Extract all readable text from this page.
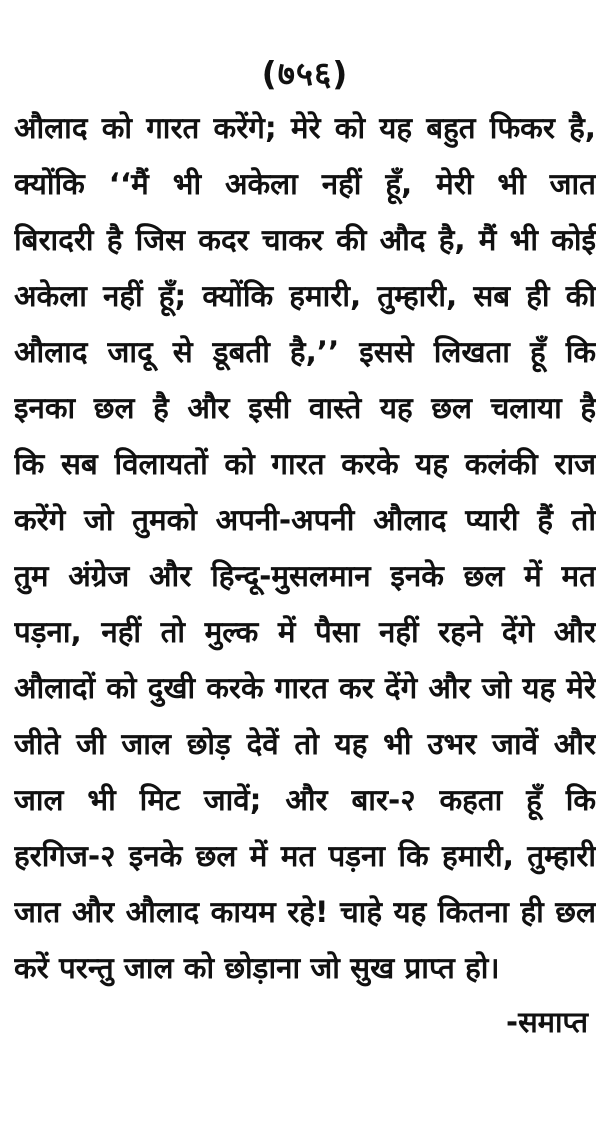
(७५६)
औलाद को गारत करेंगे; मेरे को यह बहुत फिकर है,
क्योंकि ‘‘मैं भी अकेला नहीं हूँ, मेरी भी जात
बिरादरी है जिस कदर चाकर की औद है, मैं भी कोई
अकेला नहीं हूँ; क्योंकि हमारी, तुम्हारी, सब ही की
औलाद जादू से डूबती है,’’ इससे लिखता हूँ कि
इनका छल है और इसी वास्ते यह छल चलाया है
कि सब विलायतों को गारत करके यह कलंकी राज
करेंगे जो तुमको अपनी-अपनी औलाद प्यारी हैं तो
तुम अंग्रेज और हिन्दू-मुसलमान इनके छल में मत
पड़ना, नहीं तो मुल्क में पैसा नहीं रहने देंगे और
औलादों को दुखी करके गारत कर देंगे और जो यह मेरे
जीते जी जाल छोड़ देवें तो यह भी उभर जावें और
जाल भी मिट जावें; और बार-२ कहता हूँ कि
हरगिज-२ इनके छल में मत पड़ना कि हमारी, तुम्हारी
जात और औलाद कायम रहे! चाहे यह कितना ही छल
करें परन्तु जाल को छोड़ाना जो सुख प्राप्त हो।
-समाप्त
